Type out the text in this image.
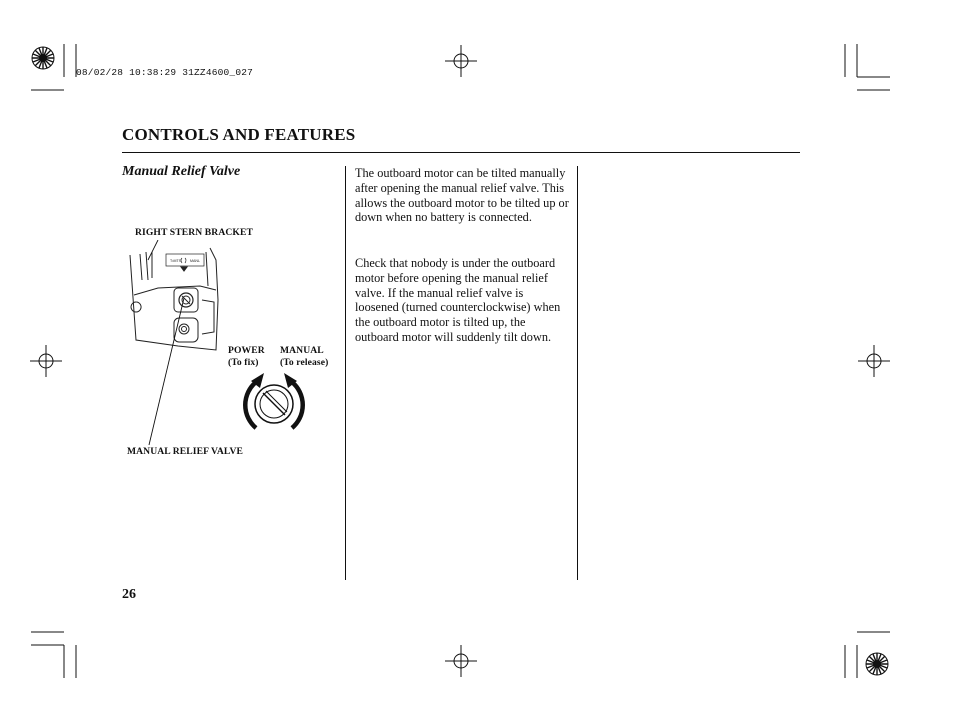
08/02/28 10:38:29 31ZZ4600_027
CONTROLS AND FEATURES
Manual Relief Valve
RIGHT STERN BRACKET
T•MTS MANL
POWER
(To fix)
MANUAL
(To release)
MANUAL RELIEF VALVE
The outboard motor can be tilted manually after opening the manual relief valve. This allows the outboard motor to be tilted up or down when no battery is connected.
Check that nobody is under the outboard motor before opening the manual relief valve. If the manual relief valve is loosened (turned counterclockwise) when the outboard motor is tilted up, the outboard motor will suddenly tilt down.
26
